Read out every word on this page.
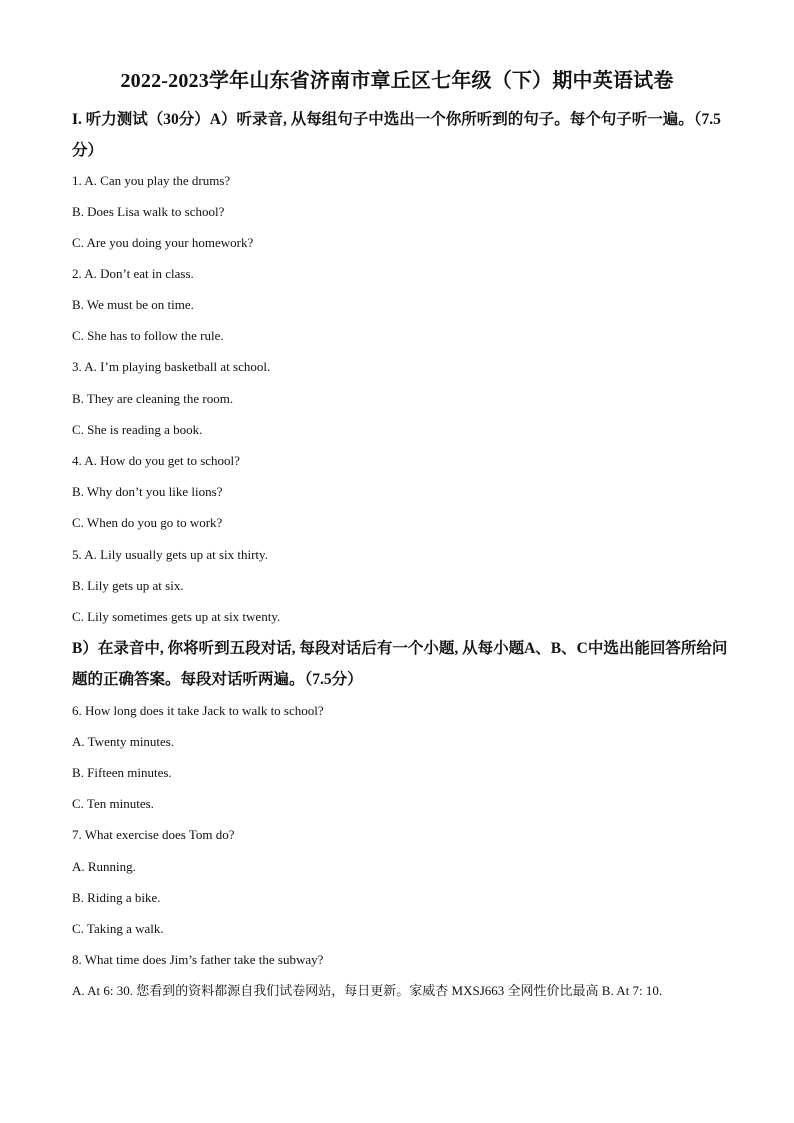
2022-2023学年山东省济南市章丘区七年级（下）期中英语试卷
I. 听力测试（30分）A）听录音, 从每组句子中选出一个你所听到的句子。每个句子听一遍。（7.5分）
1. A. Can you play the drums?
B. Does Lisa walk to school?
C. Are you doing your homework?
2. A. Don’t eat in class.
B. We must be on time.
C. She has to follow the rule.
3. A. I’m playing basketball at school.
B. They are cleaning the room.
C. She is reading a book.
4. A. How do you get to school?
B. Why don’t you like lions?
C. When do you go to work?
5. A. Lily usually gets up at six thirty.
B. Lily gets up at six.
C. Lily sometimes gets up at six twenty.
B）在录音中, 你将听到五段对话, 每段对话后有一个小题, 从每小题A、B、C中选出能回答所给问题的正确答案。每段对话听两遍。（7.5分）
6. How long does it take Jack to walk to school?
A. Twenty minutes.
B. Fifteen minutes.
C. Ten minutes.
7. What exercise does Tom do?
A. Running.
B. Riding a bike.
C. Taking a walk.
8. What time does Jim’s father take the subway?
A. At 6: 30. 您看到的资料都源自我们试卷网站，每日更新。家威杏 MXSJ663 全网性价比最高 B. At 7: 10.
